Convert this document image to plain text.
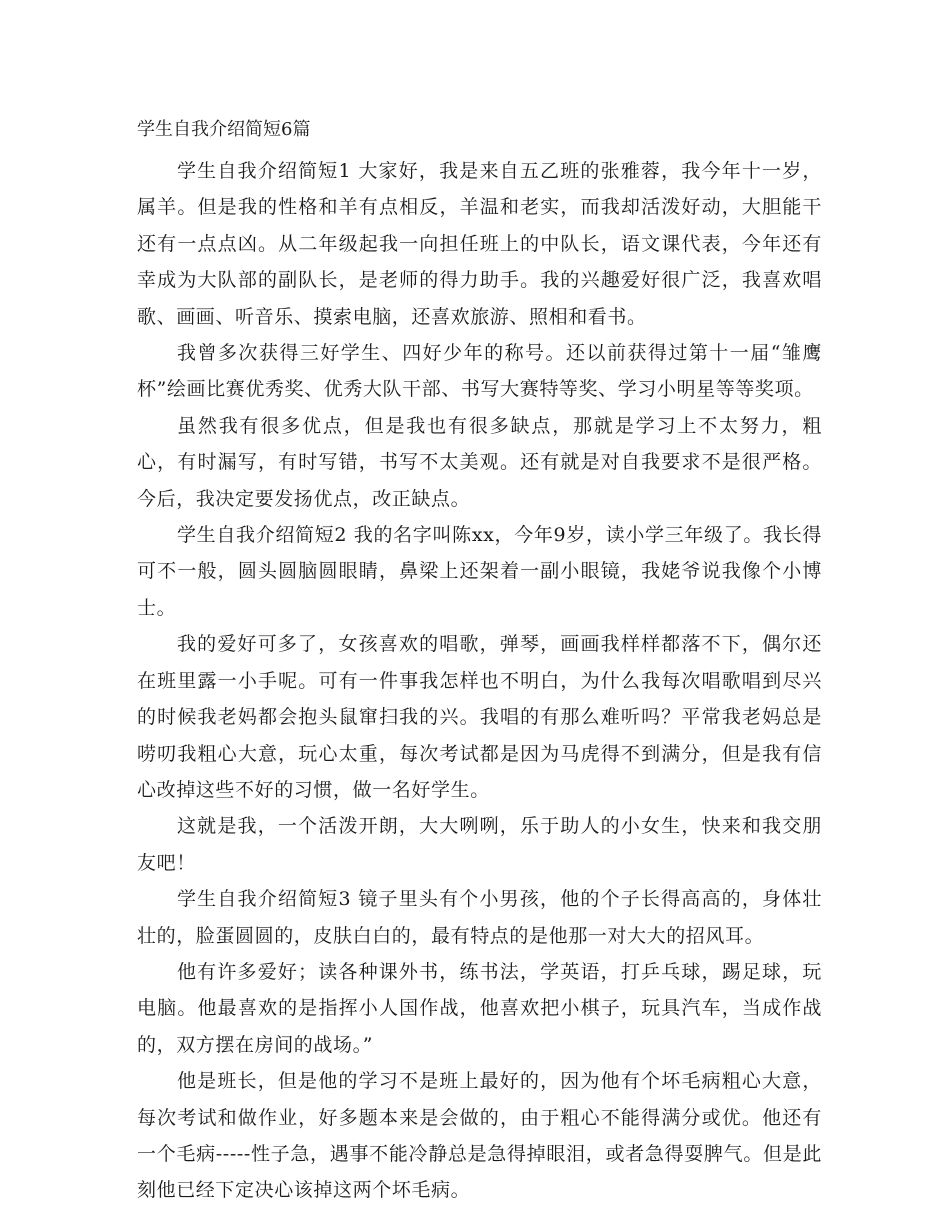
学生自我介绍简短6篇

学生自我介绍简短1 大家好，我是来自五乙班的张雅蓉，我今年十一岁，属羊。但是我的性格和羊有点相反，羊温和老实，而我却活泼好动，大胆能干还有一点点凶。从二年级起我一向担任班上的中队长，语文课代表，今年还有幸成为大队部的副队长，是老师的得力助手。我的兴趣爱好很广泛，我喜欢唱歌、画画、听音乐、摸索电脑，还喜欢旅游、照相和看书。

我曾多次获得三好学生、四好少年的称号。还以前获得过第十一届“雏鹰杯”绘画比赛优秀奖、优秀大队干部、书写大赛特等奖、学习小明星等等奖项。

虽然我有很多优点，但是我也有很多缺点，那就是学习上不太努力，粗心，有时漏写，有时写错，书写不太美观。还有就是对自我要求不是很严格。今后，我决定要发扬优点，改正缺点。

学生自我介绍简短2 我的名字叫陈xx，今年9岁，读小学三年级了。我长得可不一般，圆头圆脑圆眼睛，鼻梁上还架着一副小眼镜，我姥爷说我像个小博士。

我的爱好可多了，女孩喜欢的唱歌，弹琴，画画我样样都落不下，偶尔还在班里露一小手呢。可有一件事我怎样也不明白，为什么我每次唱歌唱到尽兴的时候我老妈都会抱头鼠窜扫我的兴。我唱的有那么难听吗？平常我老妈总是唠叨我粗心大意，玩心太重，每次考试都是因为马虎得不到满分，但是我有信心改掉这些不好的习惯，做一名好学生。

这就是我，一个活泼开朗，大大咧咧，乐于助人的小女生，快来和我交朋友吧！

学生自我介绍简短3 镜子里头有个小男孩，他的个子长得高高的，身体壮壮的，脸蛋圆圆的，皮肤白白的，最有特点的是他那一对大大的招风耳。

他有许多爱好；读各种课外书，练书法，学英语，打乒乓球，踢足球，玩电脑。他最喜欢的是指挥小人国作战，他喜欢把小棋子，玩具汽车，当成作战的，双方摆在房间的战场。”

他是班长，但是他的学习不是班上最好的，因为他有个坏毛病粗心大意，每次考试和做作业，好多题本来是会做的，由于粗心不能得满分或优。他还有一个毛病-----性子急，遇事不能冷静总是急得掉眼泪，或者急得耍脾气。但是此刻他已经下定决心该掉这两个坏毛病。
